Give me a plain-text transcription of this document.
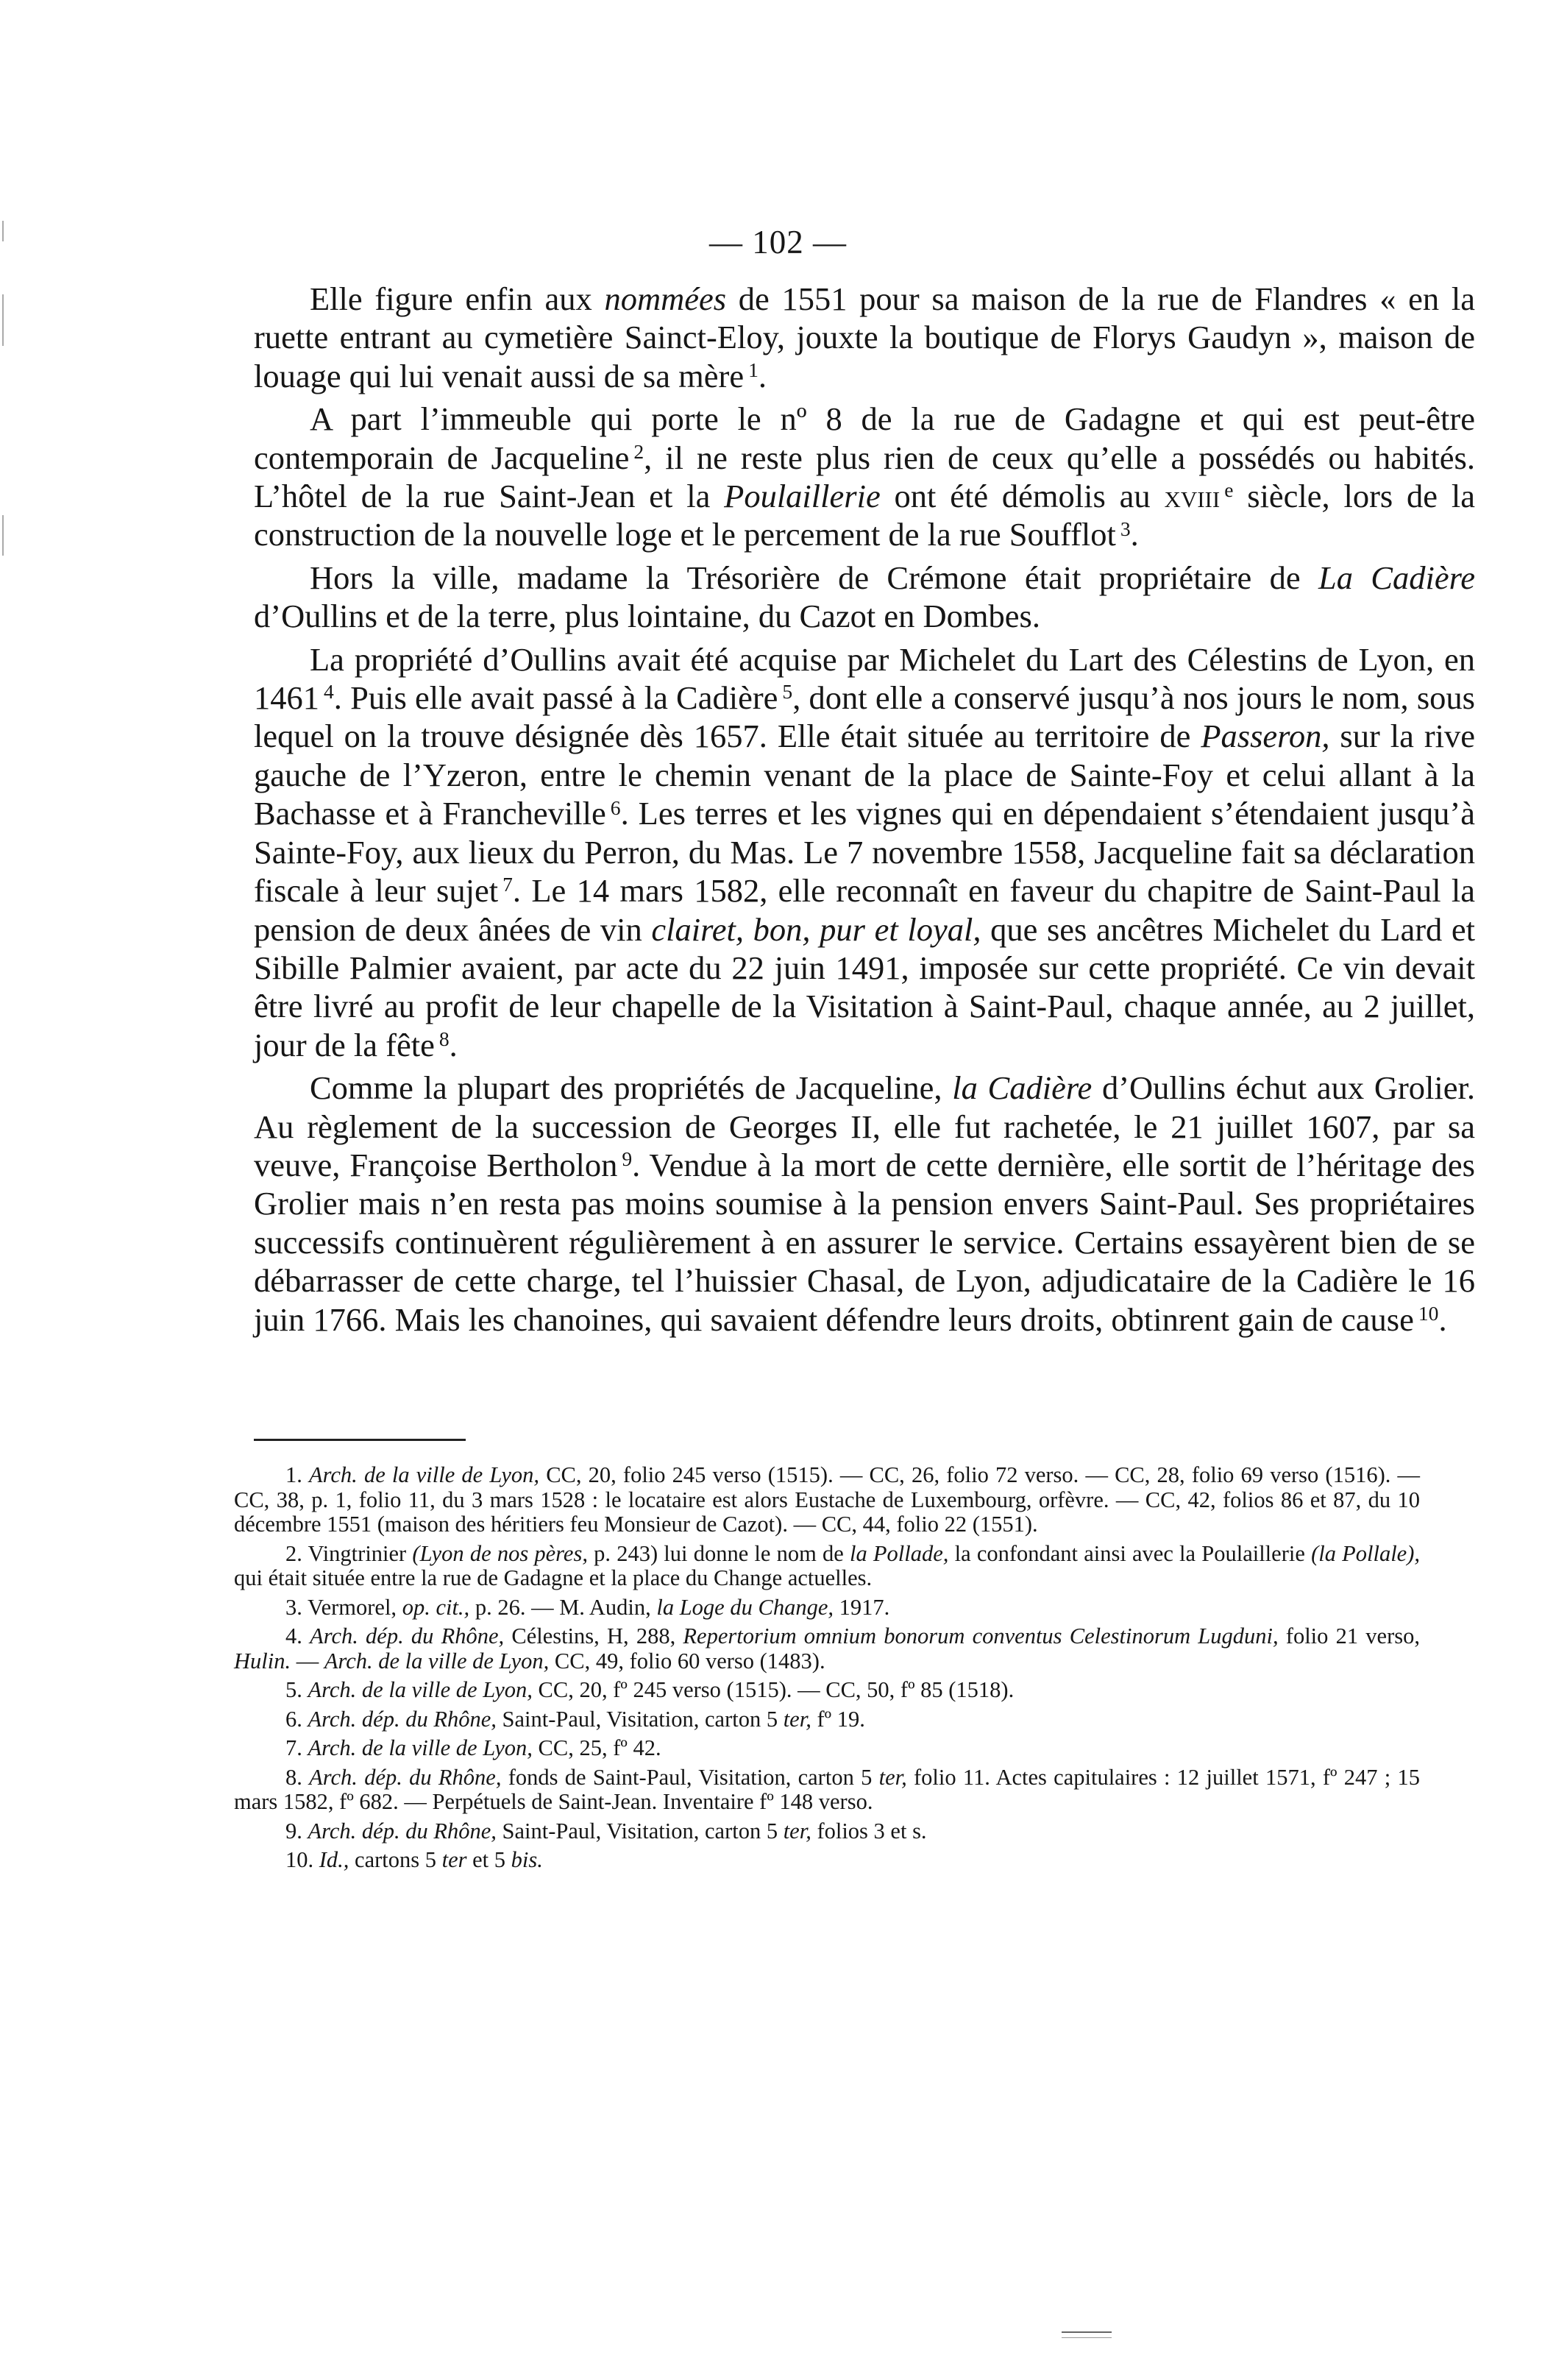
— 102 —

Elle figure enfin aux nommées de 1551 pour sa maison de la rue de Flandres « en la ruette entrant au cymetière Sainct-Eloy, jouxte la boutique de Florys Gaudyn », maison de louage qui lui venait aussi de sa mère $^1$.

A part l’immeuble qui porte le nº 8 de la rue de Gadagne et qui est peut-être contemporain de Jacqueline $^2$, il ne reste plus rien de ceux qu’elle a possédés ou habités. L’hôtel de la rue Saint-Jean et la Poulaillerie ont été démolis au xviii $^e$ siècle, lors de la construction de la nouvelle loge et le percement de la rue Soufflot $^3$.

Hors la ville, madame la Trésorière de Crémone était propriétaire de La Cadière d’Oullins et de la terre, plus lointaine, du Cazot en Dombes.

La propriété d’Oullins avait été acquise par Michelet du Lart des Célestins de Lyon, en 1461 $^4$. Puis elle avait passé à la Cadière $^5$, dont elle a conservé jusqu’à nos jours le nom, sous lequel on la trouve désignée dès 1657. Elle était située au territoire de Passeron, sur la rive gauche de l’Yzeron, entre le chemin venant de la place de Sainte-Foy et celui allant à la Bachasse et à Francheville $^6$. Les terres et les vignes qui en dépendaient s’étendaient jusqu’à Sainte-Foy, aux lieux du Perron, du Mas. Le 7 novembre 1558, Jacqueline fait sa déclaration fiscale à leur sujet $^7$. Le 14 mars 1582, elle reconnaît en faveur du chapitre de Saint-Paul la pension de deux ânées de vin clairet, bon, pur et loyal, que ses ancêtres Michelet du Lard et Sibille Palmier avaient, par acte du 22 juin 1491, imposée sur cette propriété. Ce vin devait être livré au profit de leur chapelle de la Visitation à Saint-Paul, chaque année, au 2 juillet, jour de la fête $^8$.

Comme la plupart des propriétés de Jacqueline, la Cadière d’Oullins échut aux Grolier. Au règlement de la succession de Georges II, elle fut rachetée, le 21 juillet 1607, par sa veuve, Françoise Bertholon $^9$. Vendue à la mort de cette dernière, elle sortit de l’héritage des Grolier mais n’en resta pas moins soumise à la pension envers Saint-Paul. Ses propriétaires successifs continuèrent régulièrement à en assurer le service. Certains essayèrent bien de se débarrasser de cette charge, tel l’huissier Chasal, de Lyon, adjudicataire de la Cadière le 16 juin 1766. Mais les chanoines, qui savaient défendre leurs droits, obtinrent gain de cause $^{10}$.

1. Arch. de la ville de Lyon, CC, 20, folio 245 verso (1515). — CC, 26, folio 72 verso. — CC, 28, folio 69 verso (1516). — CC, 38, p. 1, folio 11, du 3 mars 1528 : le locataire est alors Eustache de Luxembourg, orfèvre. — CC, 42, folios 86 et 87, du 10 décembre 1551 (maison des héritiers feu Monsieur de Cazot). — CC, 44, folio 22 (1551).

2. Vingtrinier (Lyon de nos pères, p. 243) lui donne le nom de la Pollade, la confondant ainsi avec la Poulaillerie (la Pollale), qui était située entre la rue de Gadagne et la place du Change actuelles.

3. Vermorel, op. cit., p. 26. — M. Audin, la Loge du Change, 1917.

4. Arch. dép. du Rhône, Célestins, H, 288, Repertorium omnium bonorum conventus Celestinorum Lugduni, folio 21 verso, Hulin. — Arch. de la ville de Lyon, CC, 49, folio 60 verso (1483).

5. Arch. de la ville de Lyon, CC, 20, fº 245 verso (1515). — CC, 50, fº 85 (1518).

6. Arch. dép. du Rhône, Saint-Paul, Visitation, carton 5 ter, fº 19.

7. Arch. de la ville de Lyon, CC, 25, fº 42.

8. Arch. dép. du Rhône, fonds de Saint-Paul, Visitation, carton 5 ter, folio 11. Actes capitulaires : 12 juillet 1571, fº 247 ; 15 mars 1582, fº 682. — Perpétuels de Saint-Jean. Inventaire fº 148 verso.

9. Arch. dép. du Rhône, Saint-Paul, Visitation, carton 5 ter, folios 3 et s.

10. Id., cartons 5 ter et 5 bis.
